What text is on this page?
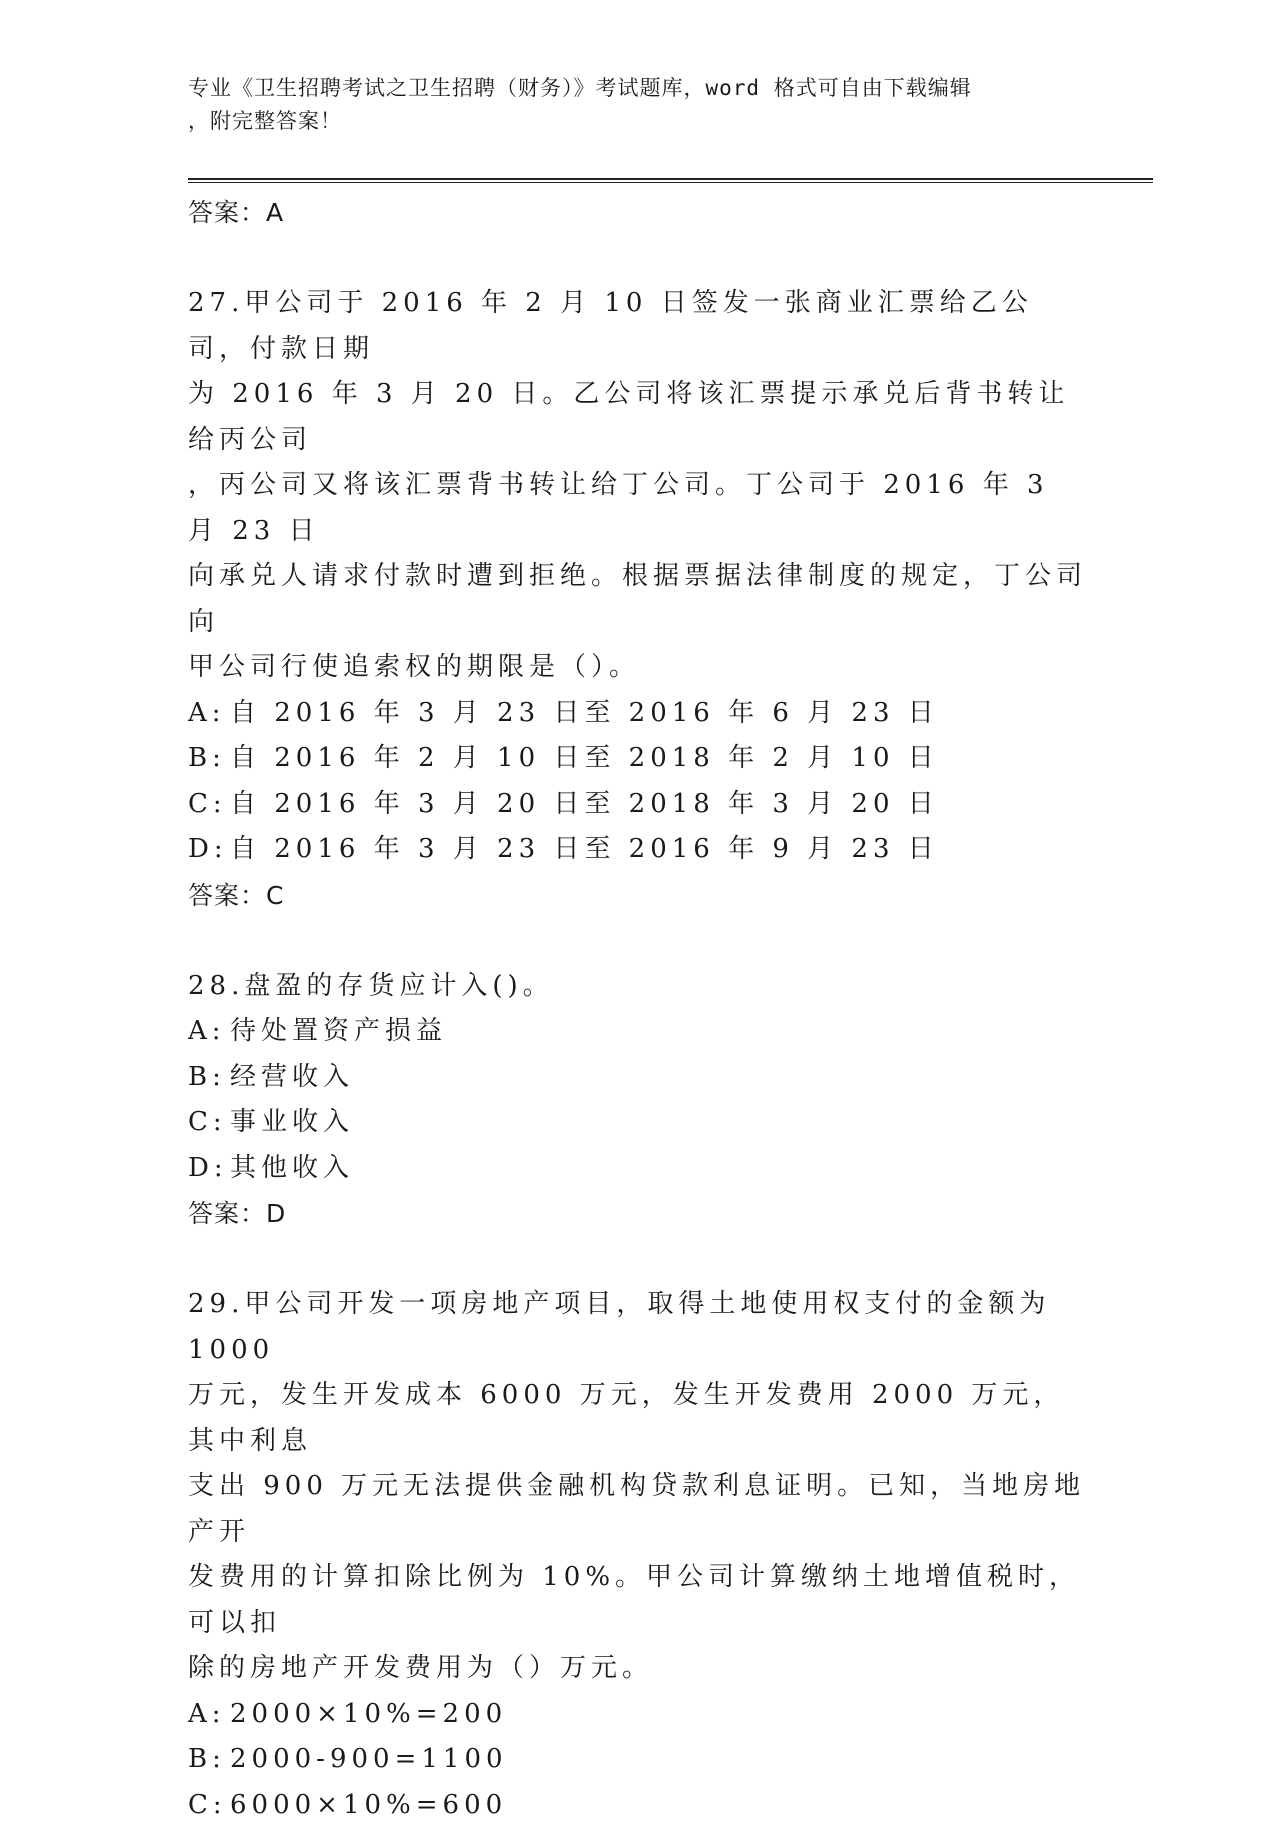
专业《卫生招聘考试之卫生招聘（财务）》考试题库，word 格式可自由下载编辑
，附完整答案！
答案：A

27.甲公司于 2016 年 2 月 10 日签发一张商业汇票给乙公司，付款日期

为 2016 年 3 月 20 日。乙公司将该汇票提示承兑后背书转让给丙公司

，丙公司又将该汇票背书转让给丁公司。丁公司于 2016 年 3 月 23 日

向承兑人请求付款时遭到拒绝。根据票据法律制度的规定，丁公司向

甲公司行使追索权的期限是（）。

A: 自 2016 年 3 月 23 日至 2016 年 6 月 23 日

B: 自 2016 年 2 月 10 日至 2018 年 2 月 10 日

C: 自 2016 年 3 月 20 日至 2018 年 3 月 20 日

D:自 2016 年 3 月 23 日至 2016 年 9 月 23 日

答案：C

28.盘盈的存货应计入()。

A: 待处置资产损益

B: 经营收入

C: 事业收入

D:其他收入

答案：D

29.甲公司开发一项房地产项目，取得土地使用权支付的金额为 1000

万元，发生开发成本 6000 万元，发生开发费用 2000 万元，其中利息

支出 900 万元无法提供金融机构贷款利息证明。已知，当地房地产开

发费用的计算扣除比例为 10%。甲公司计算缴纳土地增值税时，可以扣

除的房地产开发费用为（）万元。

A: 2000×10%=200

B: 2000-900=1100

C: 6000×10%=600
